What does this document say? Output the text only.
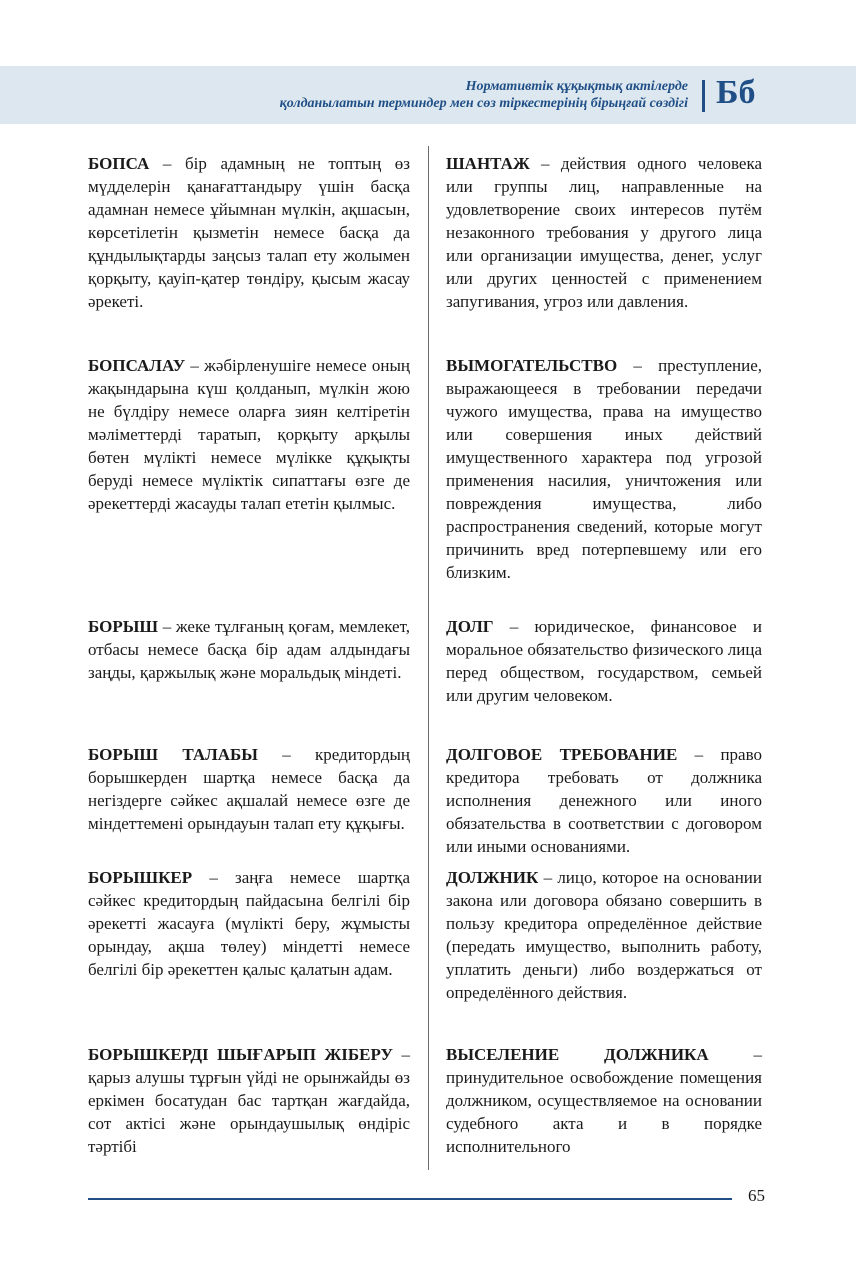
Нормативтік құқықтық актілерде
қолданылатын терминдер мен сөз тіркестерінің бірыңғай сөздігі Бб
БОПСА – бір адамның не топтың өз мүдделерін қанағаттандыру үшін басқа адамнан немесе ұйымнан мүлкін, ақшасын, көрсетілетін қызметін немесе басқа да құндылықтарды заңсыз талап ету жолымен қорқыту, қауіп-қатер төндіру, қысым жасау әрекеті.
ШАНТАЖ – действия одного человека или группы лиц, направленные на удовлетворение своих интересов путём незаконного требования у другого лица или организации имущества, денег, услуг или других ценностей с применением запугивания, угроз или давления.
БОПСАЛАУ – жәбірленушіге немесе оның жақындарына күш қолданып, мүлкін жою не бүлдіру немесе оларға зиян келтіретін мәліметтерді таратып, қорқыту арқылы бөтен мүлікті немесе мүлікке құқықты беруді немесе мүліктік сипаттағы өзге де әрекеттерді жасауды талап ететін қылмыс.
ВЫМОГАТЕЛЬСТВО – преступление, выражающееся в требовании передачи чужого имущества, права на имущество или совершения иных действий имущественного характера под угрозой применения насилия, уничтожения или повреждения имущества, либо распространения сведений, которые могут причинить вред потерпевшему или его близким.
БОРЫШ – жеке тұлғаның қоғам, мемлекет, отбасы немесе басқа бір адам алдындағы заңды, қаржылық және моральдық міндеті.
ДОЛГ – юридическое, финансовое и моральное обязательство физического лица перед обществом, государством, семьей или другим человеком.
БОРЫШ ТАЛАБЫ – кредитордың борышкерден шартқа немесе басқа да негіздерге сәйкес ақшалай немесе өзге де міндеттемені орындауын талап ету құқығы.
ДОЛГОВОЕ ТРЕБОВАНИЕ – право кредитора требовать от должника исполнения денежного или иного обязательства в соответствии с договором или иными основаниями.
БОРЫШКЕР – заңға немесе шартқа сәйкес кредитордың пайдасына белгілі бір әрекетті жасауға (мүлікті беру, жұмысты орындау, ақша төлеу) міндетті немесе белгілі бір әрекеттен қалыс қалатын адам.
ДОЛЖНИК – лицо, которое на основании закона или договора обязано совершить в пользу кредитора определённое действие (передать имущество, выполнить работу, уплатить деньги) либо воздержаться от определённого действия.
БОРЫШКЕРДІ ШЫҒАРЫП ЖІБЕРУ – қарыз алушы тұрғын үйді не орынжайды өз еркімен босатудан бас тартқан жағдайда, сот актісі және орындаушылық өндіріс тәртібі
ВЫСЕЛЕНИЕ ДОЛЖНИКА – принудительное освобождение помещения должником, осуществляемое на основании судебного акта и в порядке исполнительного
65
